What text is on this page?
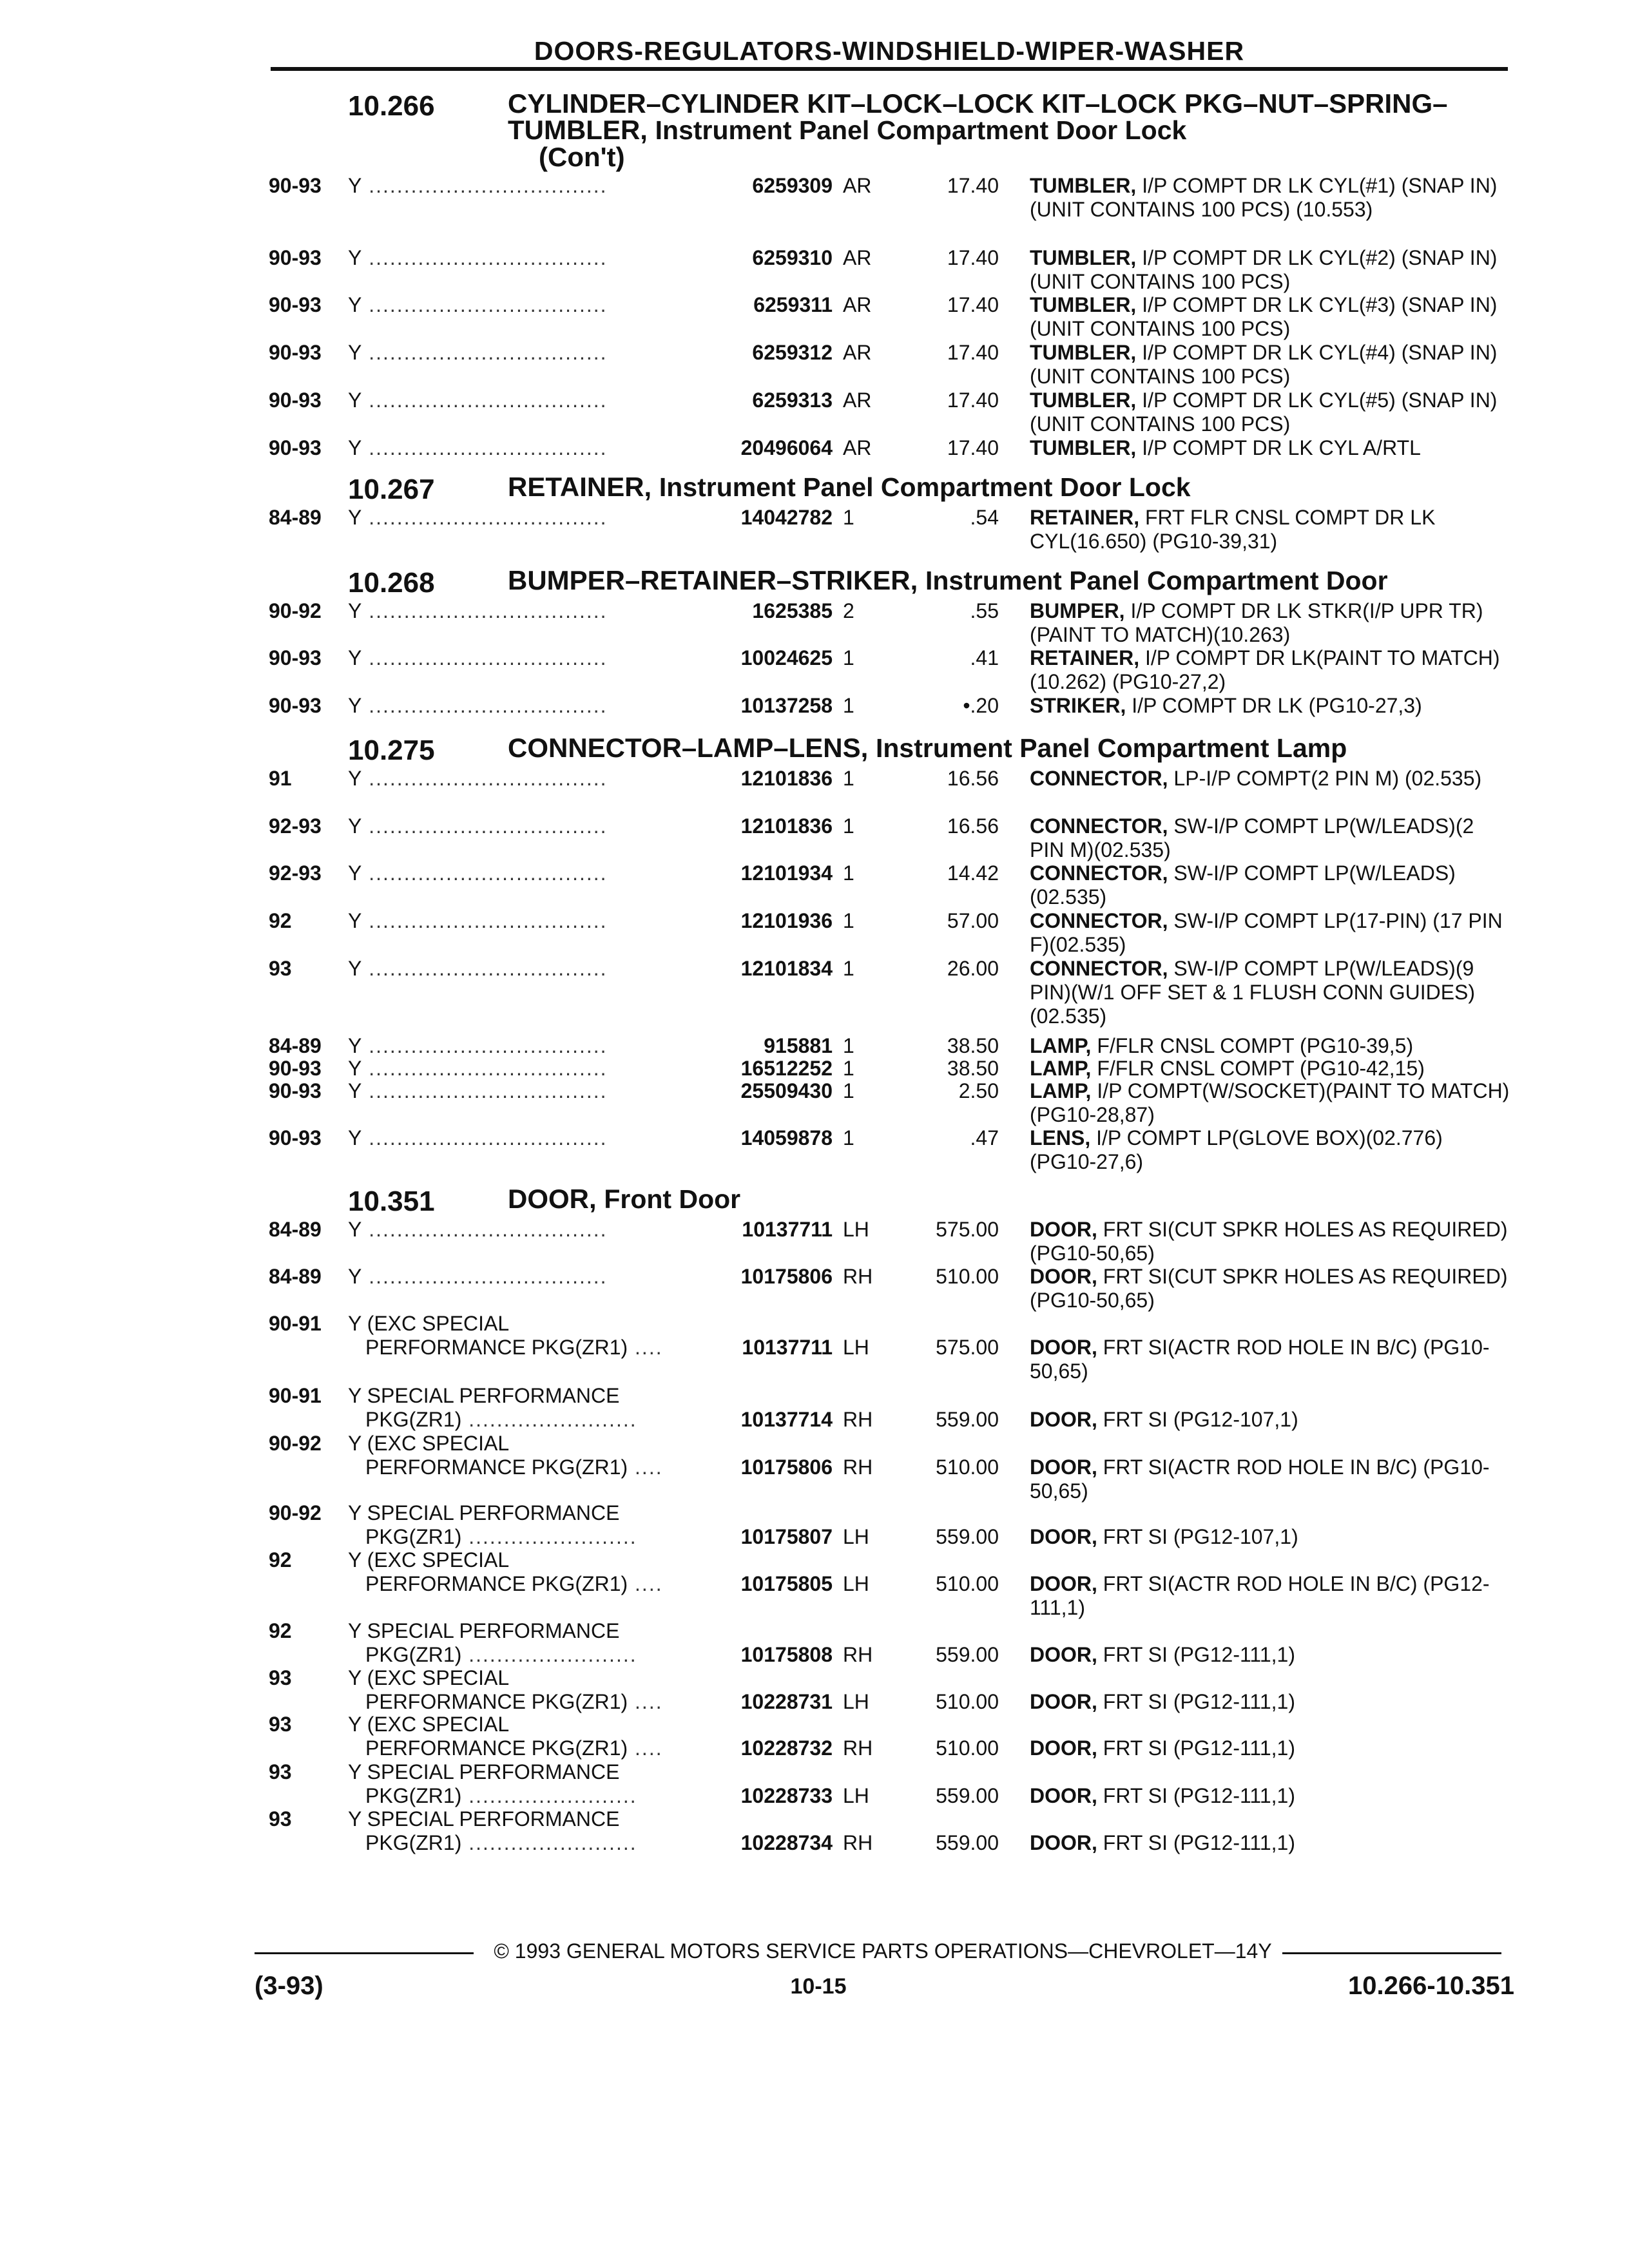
DOORS-REGULATORS-WINDSHIELD-WIPER-WASHER
10.266	CYLINDER–CYLINDER KIT–LOCK–LOCK KIT–LOCK PKG–NUT–SPRING–TUMBLER, Instrument Panel Compartment Door Lock
(Con't)
90-93	Y ..................................	6259309 AR	17.40 TUMBLER, I/P COMPT DR LK CYL(#1) (SNAP IN)(UNIT CONTAINS 100 PCS) (10.553)
90-93	Y ..................................	6259310 AR	17.40 TUMBLER, I/P COMPT DR LK CYL(#2) (SNAP IN)(UNIT CONTAINS 100 PCS)
90-93	Y ..................................	6259311 AR	17.40 TUMBLER, I/P COMPT DR LK CYL(#3) (SNAP IN)(UNIT CONTAINS 100 PCS)
90-93	Y ..................................	6259312 AR	17.40 TUMBLER, I/P COMPT DR LK CYL(#4) (SNAP IN)(UNIT CONTAINS 100 PCS)
90-93	Y ..................................	6259313 AR	17.40 TUMBLER, I/P COMPT DR LK CYL(#5) (SNAP IN)(UNIT CONTAINS 100 PCS)
90-93	Y ..................................	20496064 AR	17.40 TUMBLER, I/P COMPT DR LK CYL A/RTL
10.267	RETAINER, Instrument Panel Compartment Door Lock
84-89	Y ..................................	14042782 1	.54 RETAINER, FRT FLR CNSL COMPT DR LK CYL(16.650) (PG10-39,31)
10.268	BUMPER–RETAINER–STRIKER, Instrument Panel Compartment Door
90-92	Y ..................................	1625385 2	.55 BUMPER, I/P COMPT DR LK STKR(I/P UPR TR)(PAINT TO MATCH)(10.263)
90-93	Y ..................................	10024625 1	.41 RETAINER, I/P COMPT DR LK(PAINT TO MATCH)(10.262) (PG10-27,2)
90-93	Y ..................................	10137258 1	•.20 STRIKER, I/P COMPT DR LK (PG10-27,3)
10.275	CONNECTOR–LAMP–LENS, Instrument Panel Compartment Lamp
91	Y ..................................	12101836 1	16.56 CONNECTOR, LP-I/P COMPT(2 PIN M) (02.535)
92-93	Y ..................................	12101836 1	16.56 CONNECTOR, SW-I/P COMPT LP(W/LEADS)(2 PIN M)(02.535)
92-93	Y ..................................	12101934 1	14.42 CONNECTOR, SW-I/P COMPT LP(W/LEADS)(02.535)
92	Y ..................................	12101936 1	57.00 CONNECTOR, SW-I/P COMPT LP(17-PIN) (17 PIN F)(02.535)
93	Y ..................................	12101834 1	26.00 CONNECTOR, SW-I/P COMPT LP(W/LEADS)(9 PIN)(W/1 OFF SET & 1 FLUSH CONN GUIDES)(02.535)
84-89	Y ..................................	915881 1	38.50 LAMP, F/FLR CNSL COMPT (PG10-39,5)
90-93	Y ..................................	16512252 1	38.50 LAMP, F/FLR CNSL COMPT (PG10-42,15)
90-93	Y ..................................	25509430 1	2.50 LAMP, I/P COMPT(W/SOCKET)(PAINT TO MATCH) (PG10-28,87)
90-93	Y ..................................	14059878 1	.47 LENS, I/P COMPT LP(GLOVE BOX)(02.776) (PG10-27,6)
10.351	DOOR, Front Door
84-89	Y ..................................	10137711 LH	575.00 DOOR, FRT SI(CUT SPKR HOLES AS REQUIRED) (PG10-50,65)
84-89	Y ..................................	10175806 RH	510.00 DOOR, FRT SI(CUT SPKR HOLES AS REQUIRED) (PG10-50,65)
90-91	Y (EXC SPECIAL
PERFORMANCE PKG(ZR1) ....	10137711 LH	575.00 DOOR, FRT SI(ACTR ROD HOLE IN B/C) (PG10-50,65)
90-91	Y SPECIAL PERFORMANCE
PKG(ZR1) ........................	10137714 RH	559.00 DOOR, FRT SI (PG12-107,1)
90-92	Y (EXC SPECIAL
PERFORMANCE PKG(ZR1) ....	10175806 RH	510.00 DOOR, FRT SI(ACTR ROD HOLE IN B/C) (PG10-50,65)
90-92	Y SPECIAL PERFORMANCE
PKG(ZR1) ........................	10175807 LH	559.00 DOOR, FRT SI (PG12-107,1)
92	Y (EXC SPECIAL
PERFORMANCE PKG(ZR1) ....	10175805 LH	510.00 DOOR, FRT SI(ACTR ROD HOLE IN B/C) (PG12-111,1)
92	Y SPECIAL PERFORMANCE
PKG(ZR1) ........................	10175808 RH	559.00 DOOR, FRT SI (PG12-111,1)
93	Y (EXC SPECIAL
PERFORMANCE PKG(ZR1) ....	10228731 LH	510.00 DOOR, FRT SI (PG12-111,1)
93	Y (EXC SPECIAL
PERFORMANCE PKG(ZR1) ....	10228732 RH	510.00 DOOR, FRT SI (PG12-111,1)
93	Y SPECIAL PERFORMANCE
PKG(ZR1) ........................	10228733 LH	559.00 DOOR, FRT SI (PG12-111,1)
93	Y SPECIAL PERFORMANCE
PKG(ZR1) ........................	10228734 RH	559.00 DOOR, FRT SI (PG12-111,1)
© 1993 GENERAL MOTORS SERVICE PARTS OPERATIONS—CHEVROLET—14Y
(3-93)	10-15	10.266-10.351
